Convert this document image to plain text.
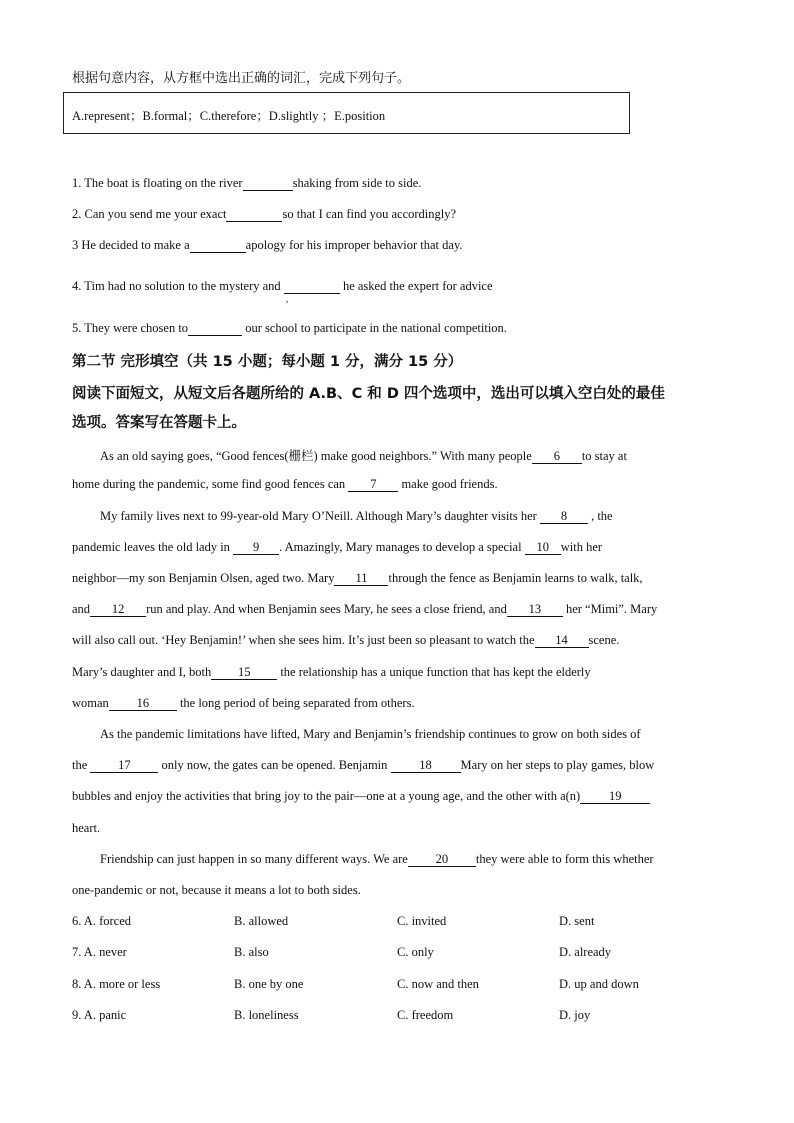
根据句意内容，从方框中选出正确的词汇，完成下列句子。
A.represent；B.formal；C.therefore；D.slightly ；E.position
1. The boat is floating on the river	shaking from side to side.
2. Can you send me your exact	so that I can find you accordingly?
3 He decided to make a	apology for his improper behavior that day.
4. Tim had no solution to the mystery and	he asked the expert for advice
,
5. They were chosen to	our school to participate in the national competition.
第二节 完形填空（共 15 小题；每小题 1 分，满分 15 分）
阅读下面短文，从短文后各题所给的 A.B、C 和 D 四个选项中，选出可以填入空白处的最佳
选项。答案写在答题卡上。
As an old saying goes, “Good fences(栅栏) make good neighbors.” With many people 6 to stay at
home during the pandemic, some find good fences can 7 make good friends.
My family lives next to 99-year-old Mary O’Neill. Although Mary’s daughter visits her 8 , the
pandemic leaves the old lady in 9 . Amazingly, Mary manages to develop a special 10 with her
neighbor—my son Benjamin Olsen, aged two. Mary 11 through the fence as Benjamin learns to walk, talk,
and 12 run and play. And when Benjamin sees Mary, he sees a close friend, and 13 her “Mimi”. Mary
will also call out. ‘Hey Benjamin!’ when she sees him. It’s just been so pleasant to watch the 14 scene.
Mary’s daughter and I, both 15 the relationship has a unique function that has kept the elderly
woman 16 the long period of being separated from others.
As the pandemic limitations have lifted, Mary and Benjamin’s friendship continues to grow on both sides of
the 17 only now, the gates can be opened. Benjamin 18 Mary on her steps to play games, blow
bubbles and enjoy the activities that bring joy to the pair—one at a young age, and the other with a(n) 19
heart.
Friendship can just happen in so many different ways. We are 20 they were able to form this whether
one-pandemic or not, because it means a lot to both sides.
6. A. forced	B. allowed	C. invited	D. sent
7. A. never	B. also	C. only	D. already
8. A. more or less	B. one by one	C. now and then	D. up and down
9. A. panic	B. loneliness	C. freedom	D. joy
